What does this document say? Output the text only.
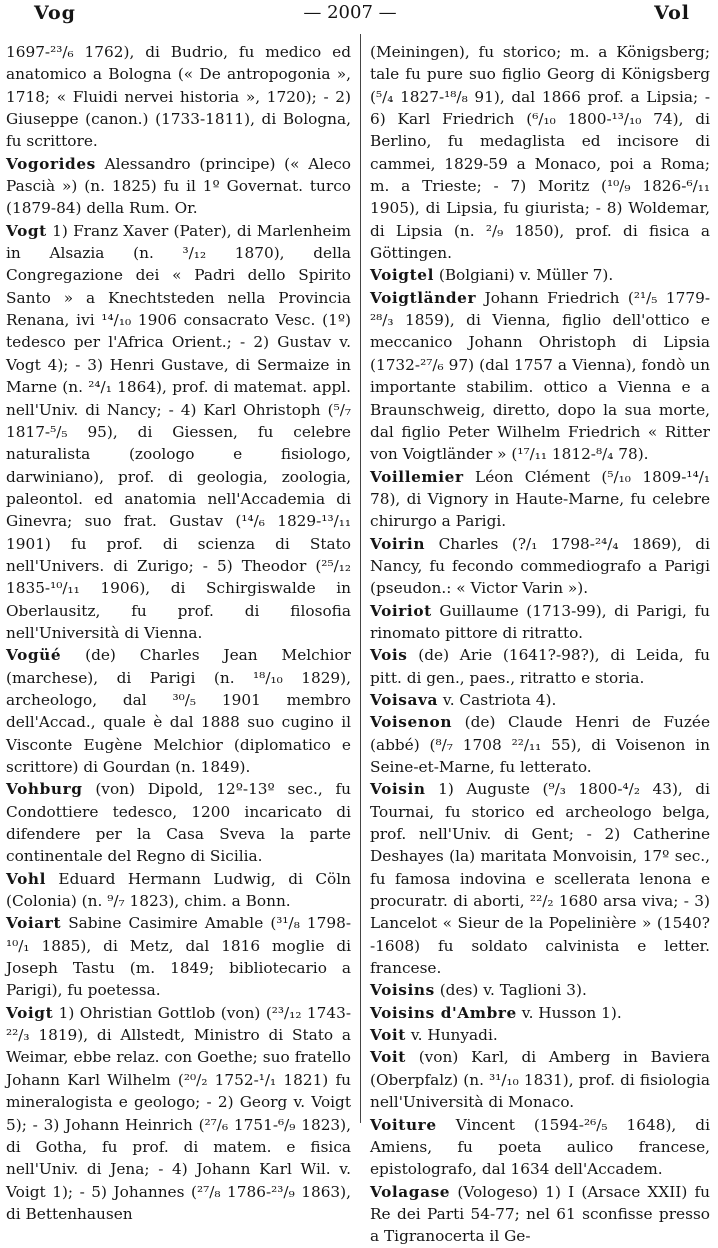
Vog	— 2007 —	Vol

1697-²³/₆ 1762), di Budrio, fu medico ed anatomico a Bologna (« De antropogonia », 1718; « Fluidi nervei historia », 1720); - 2) Giuseppe (canon.) (1733-1811), di Bologna, fu scrittore.

Vogorides Alessandro (principe) (« Aleco Pascià ») (n. 1825) fu il 1º Governat. turco (1879-84) della Rum. Or.

Vogt 1) Franz Xaver (Pater), di Marlenheim in Alsazia (n. ³/₁₂ 1870), della Congregazione dei « Padri dello Spirito Santo » a Knechtsteden nella Provincia Renana, ivi ¹⁴/₁₀ 1906 consacrato Vesc. (1º) tedesco per l'Africa Orient.; - 2) Gustav v. Vogt 4); - 3) Henri Gustave, di Sermaize in Marne (n. ²⁴/₁ 1864), prof. di matemat. appl. nell'Univ. di Nancy; - 4) Karl Ohristoph (⁵/₇ 1817-⁵/₅ 95), di Giessen, fu celebre naturalista (zoologo e fisiologo, darwiniano), prof. di geologia, zoologia, paleontol. ed anatomia nell'Accademia di Ginevra; suo frat. Gustav (¹⁴/₆ 1829-¹³/₁₁ 1901) fu prof. di scienza di Stato nell'Univers. di Zurigo; - 5) Theodor (²⁵/₁₂ 1835-¹⁰/₁₁ 1906), di Schirgiswalde in Oberlausitz, fu prof. di filosofia nell'Università di Vienna.

Vogüé (de) Charles Jean Melchior (marchese), di Parigi (n. ¹⁸/₁₀ 1829), archeologo, dal ³⁰/₅ 1901 membro dell'Accad., quale è dal 1888 suo cugino il Visconte Eugène Melchior (diplomatico e scrittore) di Gourdan (n. 1849).

Vohburg (von) Dipold, 12º-13º sec., fu Condottiere tedesco, 1200 incaricato di difendere per la Casa Sveva la parte continentale del Regno di Sicilia.

Vohl Eduard Hermann Ludwig, di Cöln (Colonia) (n. ⁹/₇ 1823), chim. a Bonn.

Voiart Sabine Casimire Amable (³¹/₈ 1798-¹⁰/₁ 1885), di Metz, dal 1816 moglie di Joseph Tastu (m. 1849; bibliotecario a Parigi), fu poetessa.

Voigt 1) Ohristian Gottlob (von) (²³/₁₂ 1743-²²/₃ 1819), di Allstedt, Ministro di Stato a Weimar, ebbe relaz. con Goethe; suo fratello Johann Karl Wilhelm (²⁰/₂ 1752-¹/₁ 1821) fu mineralogista e geologo; - 2) Georg v. Voigt 5); - 3) Johann Heinrich (²⁷/₆ 1751-⁶/₉ 1823), di Gotha, fu prof. di matem. e fisica nell'Univ. di Jena; - 4) Johann Karl Wil. v. Voigt 1); - 5) Johannes (²⁷/₈ 1786-²³/₉ 1863), di Bettenhausen

(Meiningen), fu storico; m. a Königsberg; tale fu pure suo figlio Georg di Königsberg (⁵/₄ 1827-¹⁸/₈ 91), dal 1866 prof. a Lipsia; - 6) Karl Friedrich (⁶/₁₀ 1800-¹³/₁₀ 74), di Berlino, fu medaglista ed incisore di cammei, 1829-59 a Monaco, poi a Roma; m. a Trieste; - 7) Moritz (¹⁰/₉ 1826-⁶/₁₁ 1905), di Lipsia, fu giurista; - 8) Woldemar, di Lipsia (n. ²/₉ 1850), prof. di fisica a Göttingen.

Voigtel (Bolgiani) v. Müller 7).

Voigtländer Johann Friedrich (²¹/₅ 1779-²⁸/₃ 1859), di Vienna, figlio dell'ottico e meccanico Johann Ohristoph di Lipsia (1732-²⁷/₆ 97) (dal 1757 a Vienna), fondò un importante stabilim. ottico a Vienna e a Braunschweig, diretto, dopo la sua morte, dal figlio Peter Wilhelm Friedrich « Ritter von Voigtländer » (¹⁷/₁₁ 1812-⁸/₄ 78).

Voillemier Léon Clément (⁵/₁₀ 1809-¹⁴/₁ 78), di Vignory in Haute-Marne, fu celebre chirurgo a Parigi.

Voirin Charles (?/₁ 1798-²⁴/₄ 1869), di Nancy, fu fecondo commediografo a Parigi (pseudon.: « Victor Varin »).

Voiriot Guillaume (1713-99), di Parigi, fu rinomato pittore di ritratto.

Vois (de) Arie (1641?-98?), di Leida, fu pitt. di gen., paes., ritratto e storia.

Voisava v. Castriota 4).

Voisenon (de) Claude Henri de Fuzée (abbé) (⁸/₇ 1708 ²²/₁₁ 55), di Voisenon in Seine-et-Marne, fu letterato.

Voisin 1) Auguste (⁹/₃ 1800-⁴/₂ 43), di Tournai, fu storico ed archeologo belga, prof. nell'Univ. di Gent; - 2) Catherine Deshayes (la) maritata Monvoisin, 17º sec., fu famosa indovina e scellerata lenona e procuratr. di aborti, ²²/₂ 1680 arsa viva; - 3) Lancelot « Sieur de la Popelinière » (1540?-1608) fu soldato calvinista e letter. francese.

Voisins (des) v. Taglioni 3).

Voisins d'Ambre v. Husson 1).

Voit v. Hunyadi.

Voit (von) Karl, di Amberg in Baviera (Oberpfalz) (n. ³¹/₁₀ 1831), prof. di fisiologia nell'Università di Monaco.

Voiture Vincent (1594-²⁶/₅ 1648), di Amiens, fu poeta aulico francese, epistolografo, dal 1634 dell'Accadem.

Volagase (Vologeso) 1) I (Arsace XXII) fu Re dei Parti 54-77; nel 61 sconfisse presso a Tigranocerta il Ge-
